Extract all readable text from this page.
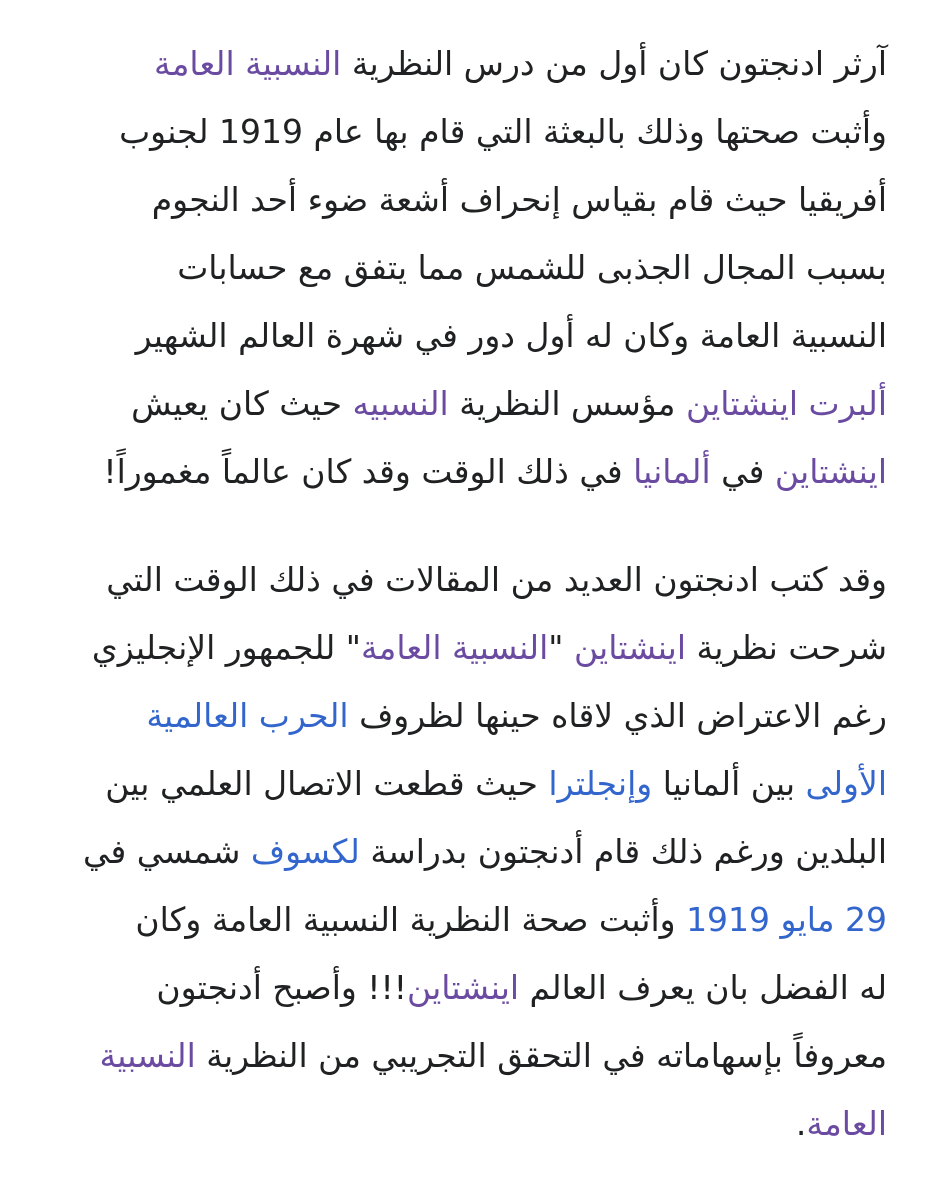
آرثر ادنجتون كان أول من درس النظرية النسبية العامة
وأثبت صحتها وذلك بالبعثة التي قام بها عام 1919 لجنوب
أفريقيا حيث قام بقياس إنحراف أشعة ضوء أحد النجوم
بسبب المجال الجذبى للشمس مما يتفق مع حسابات
النسبية العامة وكان له أول دور في شهرة العالم الشهير
ألبرت اينشتاين مؤسس النظرية النسبيه حيث كان يعيش
اينشتاين في ألمانيا في ذلك الوقت وقد كان عالماً مغموراً!
وقد كتب ادنجتون العديد من المقالات في ذلك الوقت التي
شرحت نظرية اينشتاين "النسبية العامة" للجمهور الإنجليزي
رغم الاعتراض الذي لاقاه حينها لظروف الحرب العالمية
الأولى بين ألمانيا وإنجلترا حيث قطعت الاتصال العلمي بين
البلدين ورغم ذلك قام أدنجتون بدراسة لكسوف شمسي في
29 مايو 1919 وأثبت صحة النظرية النسبية العامة وكان
له الفضل بان يعرف العالم اينشتاين!!! وأصبح أدنجتون
معروفاً بإسهاماته في التحقق التجريبي من النظرية النسبية
العامة.
